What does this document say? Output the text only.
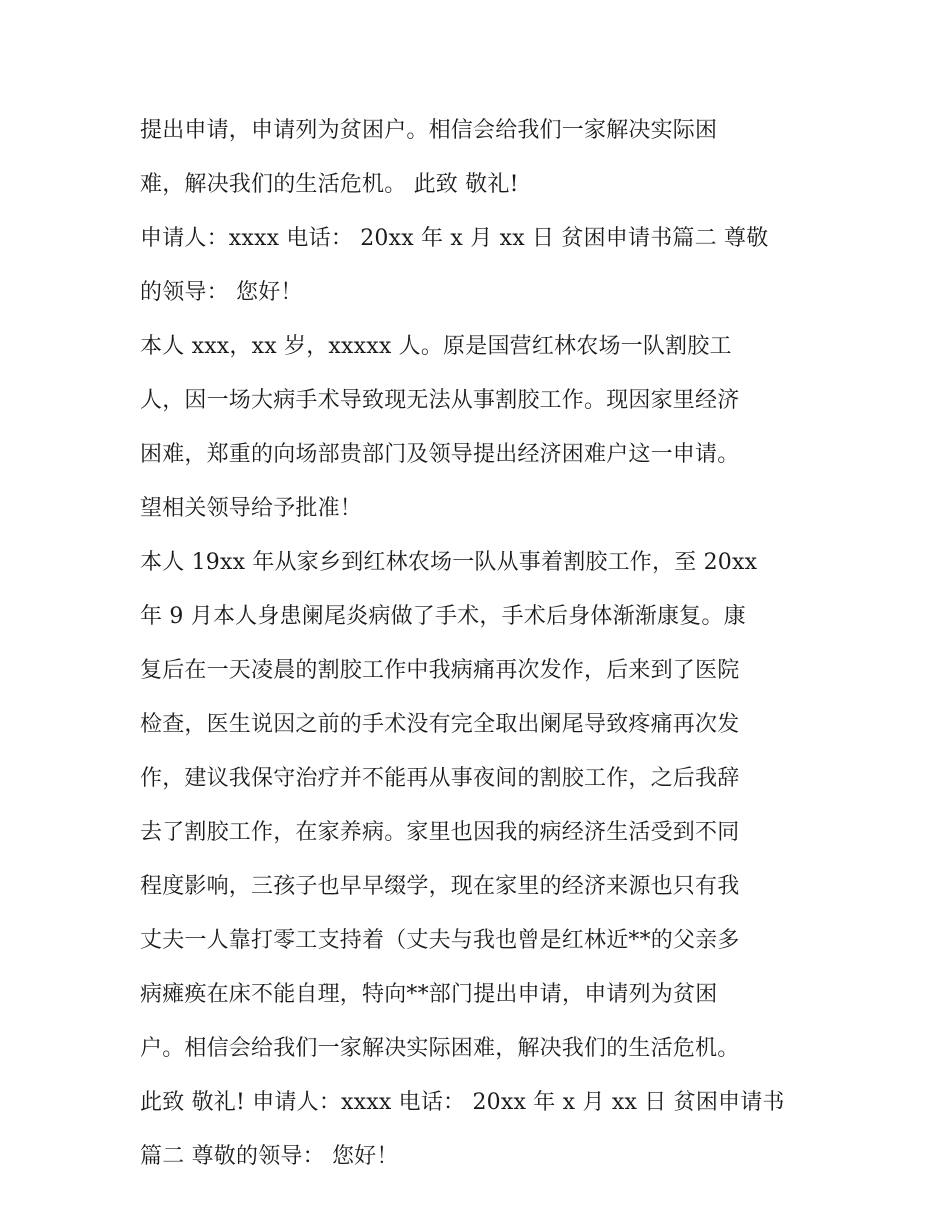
提出申请，申请列为贫困户。相信会给我们一家解决实际困
难，解决我们的生活危机。 此致 敬礼!
申请人：xxxx 电话： 20xx 年 x 月 xx 日 贫困申请书篇二 尊敬
的领导： 您好！
本人 xxx，xx 岁，xxxxx 人。原是国营红林农场一队割胶工
人，因一场大病手术导致现无法从事割胶工作。现因家里经济
困难，郑重的向场部贵部门及领导提出经济困难户这一申请。
望相关领导给予批准！
本人 19xx 年从家乡到红林农场一队从事着割胶工作，至 20xx
年 9 月本人身患阑尾炎病做了手术，手术后身体渐渐康复。康
复后在一天凌晨的割胶工作中我病痛再次发作，后来到了医院
检查，医生说因之前的手术没有完全取出阑尾导致疼痛再次发
作，建议我保守治疗并不能再从事夜间的割胶工作，之后我辞
去了割胶工作，在家养病。家里也因我的病经济生活受到不同
程度影响，三孩子也早早缀学，现在家里的经济来源也只有我
丈夫一人靠打零工支持着（丈夫与我也曾是红林近**的父亲多
病瘫痪在床不能自理，特向**部门提出申请，申请列为贫困
户。相信会给我们一家解决实际困难，解决我们的生活危机。
此致 敬礼! 申请人：xxxx 电话： 20xx 年 x 月 xx 日 贫困申请书
篇二 尊敬的领导： 您好！
